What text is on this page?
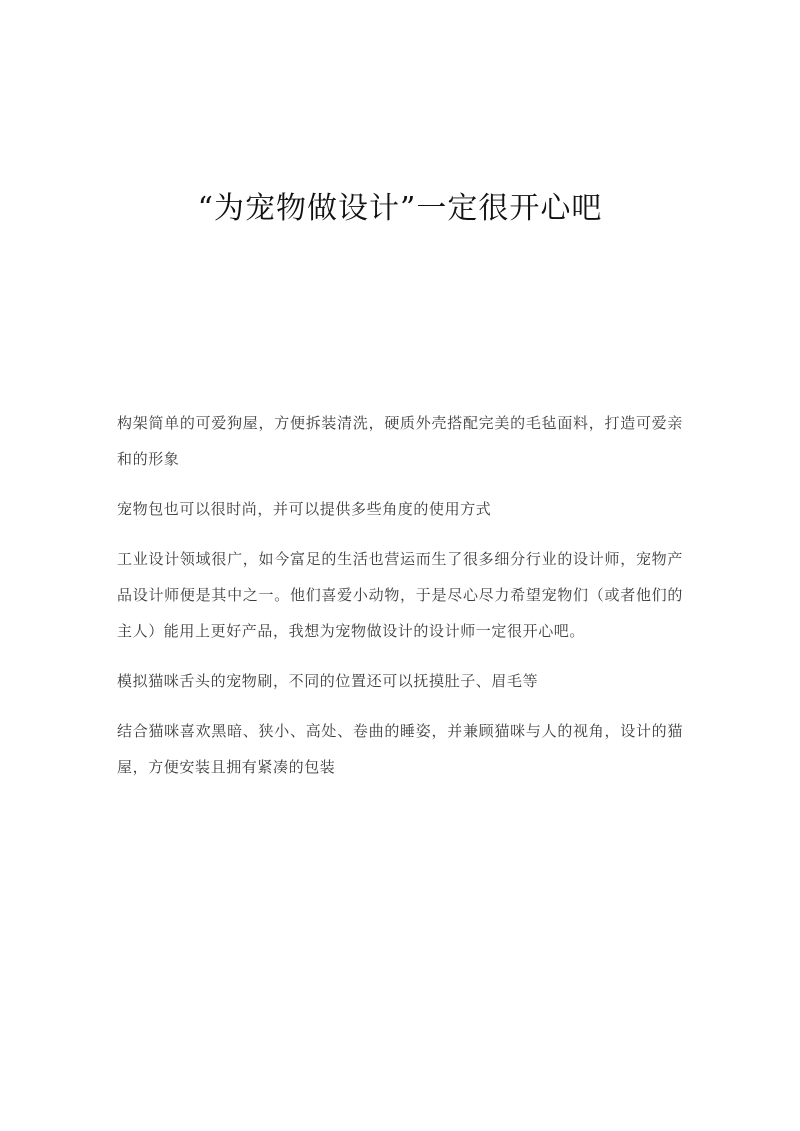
“为宠物做设计”一定很开心吧

构架简单的可爱狗屋，方便拆装清洗，硬质外壳搭配完美的毛毡面料，打造可爱亲和的形象

宠物包也可以很时尚，并可以提供多些角度的使用方式

工业设计领域很广，如今富足的生活也营运而生了很多细分行业的设计师，宠物产品设计师便是其中之一。他们喜爱小动物，于是尽心尽力希望宠物们（或者他们的主人）能用上更好产品，我想为宠物做设计的设计师一定很开心吧。

模拟猫咪舌头的宠物刷，不同的位置还可以抚摸肚子、眉毛等

结合猫咪喜欢黑暗、狭小、高处、卷曲的睡姿，并兼顾猫咪与人的视角，设计的猫屋，方便安装且拥有紧凑的包装
